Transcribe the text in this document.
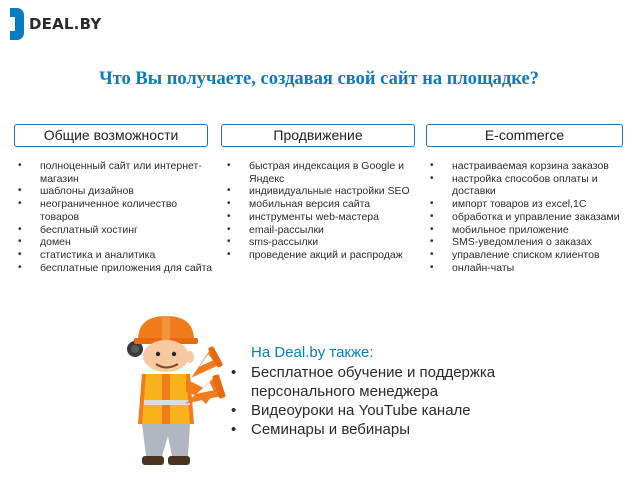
DEAL.BY
Что Вы получаете, создавая свой сайт на площадке?
Общие возможности
• полноценный сайт или интернет-магазин
• шаблоны дизайнов
• неограниченное количество товаров
• бесплатный хостинг
• домен
• статистика и аналитика
• бесплатные приложения для сайта
Продвижение
• быстрая индексация в Google и Яндекс
• индивидуальные настройки SEO
• мобильная версия сайта
• инструменты web-мастера
• email-рассылки
• sms-рассылки
• проведение акций и распродаж
E-commerce
• настраиваемая корзина заказов
• настройка способов оплаты и доставки
• импорт товаров из excel,1C
• обработка и управление заказами
• мобильное приложение
• SMS-уведомления о заказах
• управление списком клиентов
• онлайн-чаты
На Deal.by также:
• Бесплатное обучение и поддержка персонального менеджера
• Видеоуроки на YouTube канале
• Семинары и вебинары
